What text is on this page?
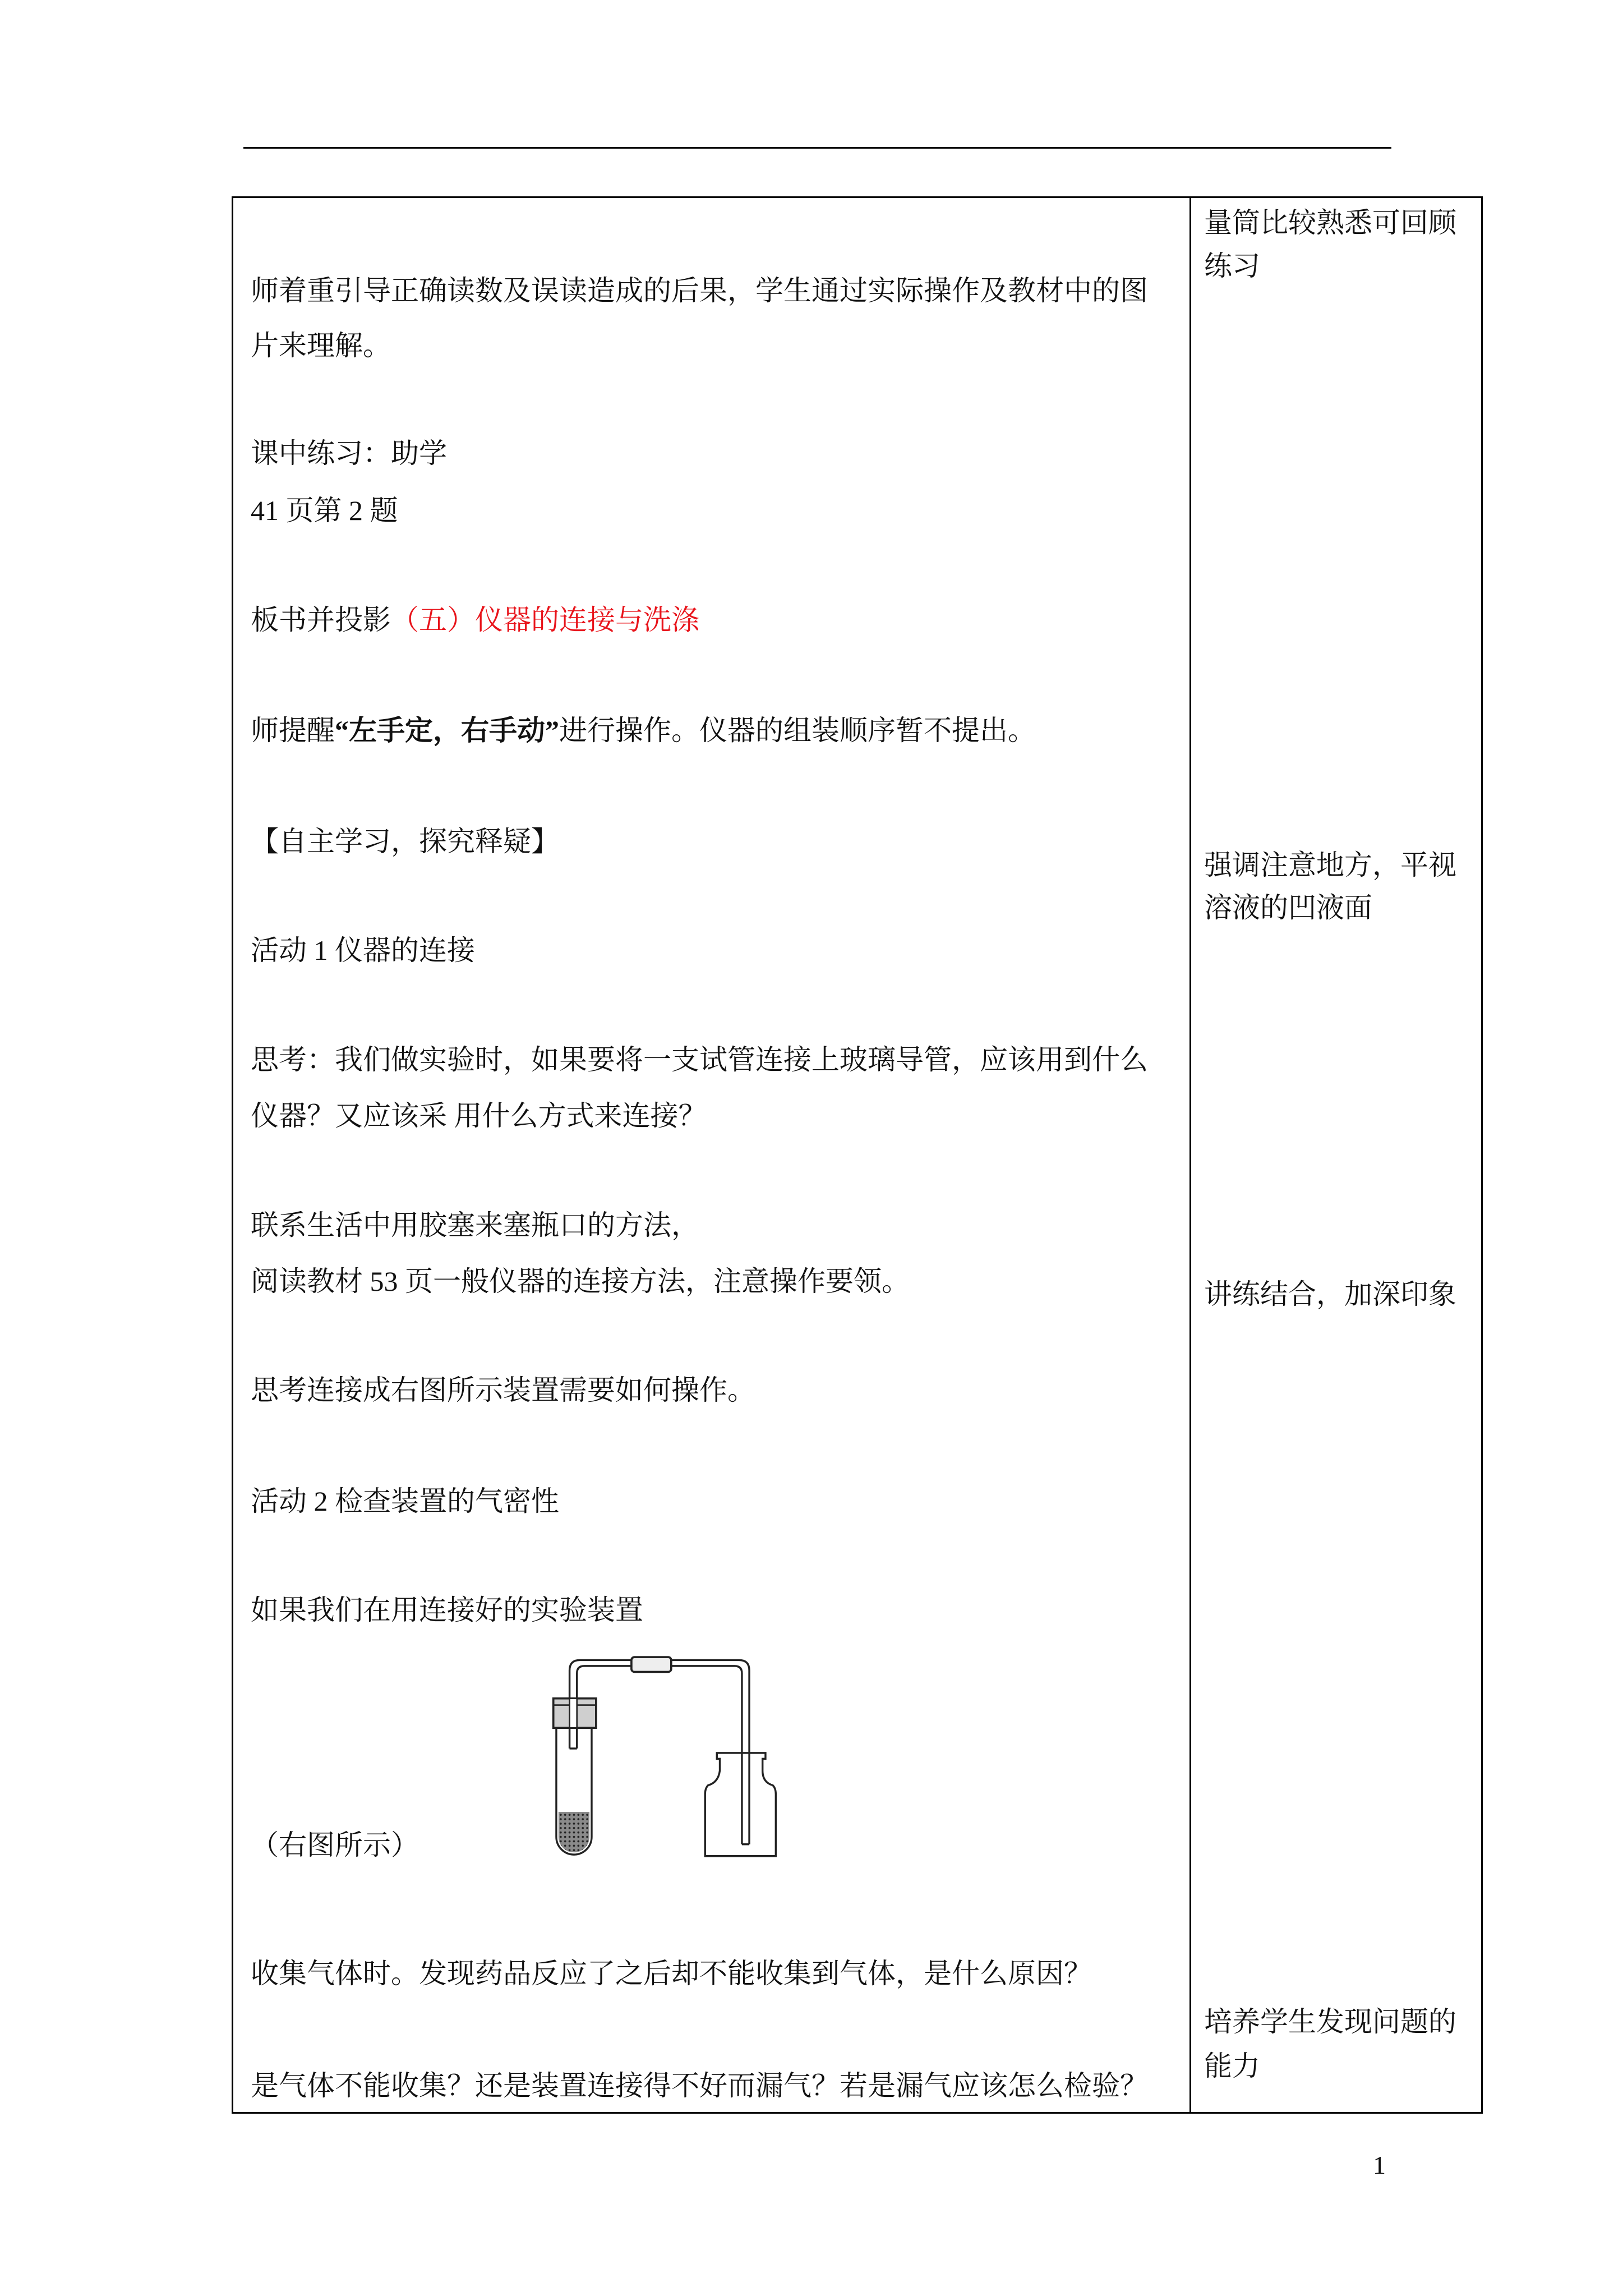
师着重引导正确读数及误读造成的后果，学生通过实际操作及教材中的图
片来理解。
课中练习：助学
41 页第 2 题
板书并投影（五）仪器的连接与洗涤
师提醒“左手定，右手动”进行操作。仪器的组装顺序暂不提出。
【自主学习，探究释疑】
活动 1 仪器的连接
思考：我们做实验时，如果要将一支试管连接上玻璃导管，应该用到什么
仪器？又应该采 用什么方式来连接？
联系生活中用胶塞来塞瓶口的方法，
阅读教材 53 页一般仪器的连接方法，注意操作要领。
思考连接成右图所示装置需要如何操作。
活动 2 检查装置的气密性
如果我们在用连接好的实验装置
（右图所示）
收集气体时。发现药品反应了之后却不能收集到气体，是什么原因？
是气体不能收集？还是装置连接得不好而漏气？若是漏气应该怎么检验？
量筒比较熟悉可回顾
练习
强调注意地方，平视
溶液的凹液面
讲练结合，加深印象
培养学生发现问题的
能力
1
